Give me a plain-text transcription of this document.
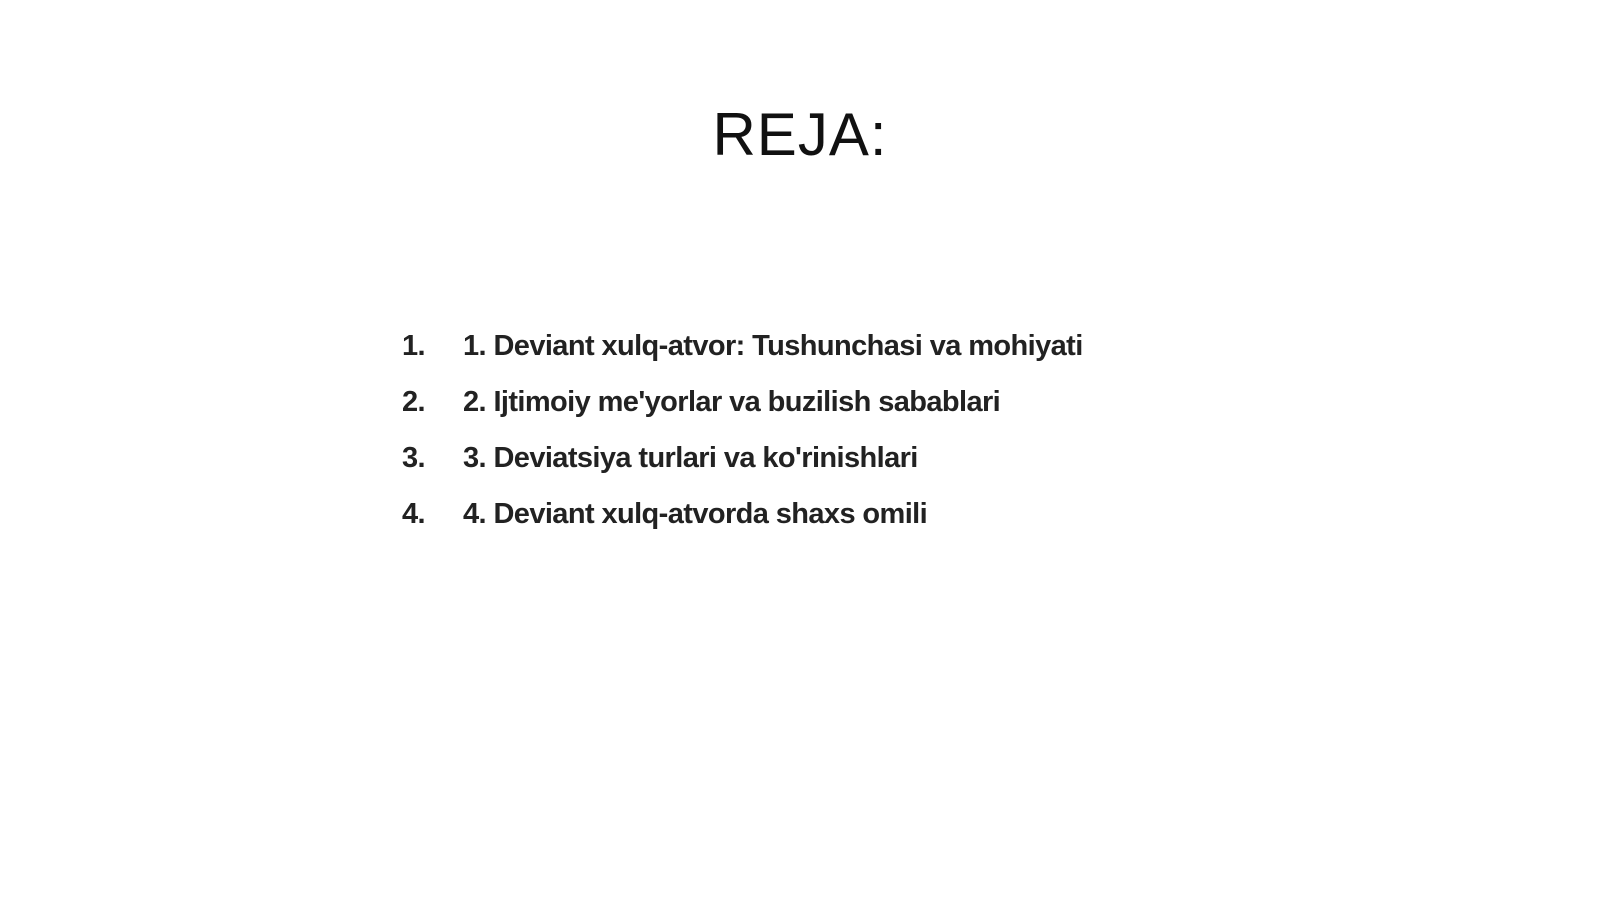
REJA:
1.	1. Deviant xulq-atvor: Tushunchasi va mohiyati
2.	2. Ijtimoiy me'yorlar va buzilish sabablari
3.	3. Deviatsiya turlari va ko'rinishlari
4.	4. Deviant xulq-atvorda shaxs omili
